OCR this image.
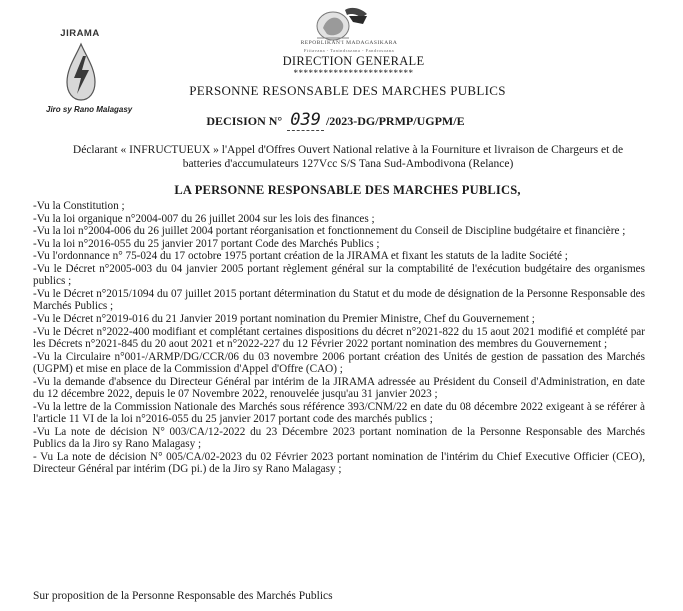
JIRAMA
Jiro sy Rano Malagasy
REPOBLIKAN'I MADAGASIKARA
Fitiavana - Tanindrazana - Fandrosoana
DIRECTION GENERALE
************************
PERSONNE RESONSABLE DES MARCHES PUBLICS
DECISION N° 039 /2023-DG/PRMP/UGPM/E
Déclarant « INFRUCTUEUX » l'Appel d'Offres Ouvert National relative à la Fourniture et livraison de Chargeurs et de batteries d'accumulateurs 127Vcc S/S Tana Sud-Ambodivona (Relance)
LA PERSONNE RESPONSABLE DES MARCHES PUBLICS,
-Vu la Constitution ;
-Vu la loi organique n°2004-007 du 26 juillet 2004 sur les lois des finances ;
-Vu la loi n°2004-006 du 26 juillet 2004 portant réorganisation et fonctionnement du Conseil de Discipline budgétaire et financière ;
-Vu la loi n°2016-055 du 25 janvier 2017 portant Code des Marchés Publics ;
-Vu l'ordonnance n° 75-024 du 17 octobre 1975 portant création de la JIRAMA et fixant les statuts de la ladite Société ;
-Vu le Décret n°2005-003 du 04 janvier 2005 portant règlement général sur la comptabilité de l'exécution budgétaire des organismes publics ;
-Vu le Décret n°2015/1094 du 07 juillet 2015 portant détermination du Statut et du mode de désignation de la Personne Responsable des Marchés Publics ;
-Vu le Décret n°2019-016 du 21 Janvier 2019 portant nomination du Premier Ministre, Chef du Gouvernement ;
-Vu le Décret n°2022-400 modifiant et complétant certaines dispositions du décret n°2021-822 du 15 aout 2021 modifié et complété par les Décrets n°2021-845 du 20 aout 2021 et n°2022-227 du 12 Février 2022 portant nomination des membres du Gouvernement ;
-Vu la Circulaire n°001-/ARMP/DG/CCR/06 du 03 novembre 2006 portant création des Unités de gestion de passation des Marchés (UGPM) et mise en place de la Commission d'Appel d'Offre (CAO) ;
-Vu la demande d'absence du Directeur Général par intérim de la JIRAMA adressée au Président du Conseil d'Administration, en date du 12 décembre 2022, depuis le 07 Novembre 2022, renouvelée jusqu'au 31 janvier 2023 ;
-Vu la lettre de la Commission Nationale des Marchés sous référence 393/CNM/22 en date du 08 décembre 2022 exigeant à se référer à l'article 11 VI de la loi n°2016-055 du 25 janvier 2017 portant code des marchés publics ;
-Vu La note de décision N° 003/CA/12-2022 du 23 Décembre 2023 portant nomination de la Personne Responsable des Marchés Publics da la Jiro sy Rano Malagasy ;
- Vu La note de décision N° 005/CA/02-2023 du 02 Février 2023 portant nomination de l'intérim du Chief Executive Officier (CEO), Directeur Général par intérim (DG pi.) de la Jiro sy Rano Malagasy ;
Sur proposition de la Personne Responsable des Marchés Publics
